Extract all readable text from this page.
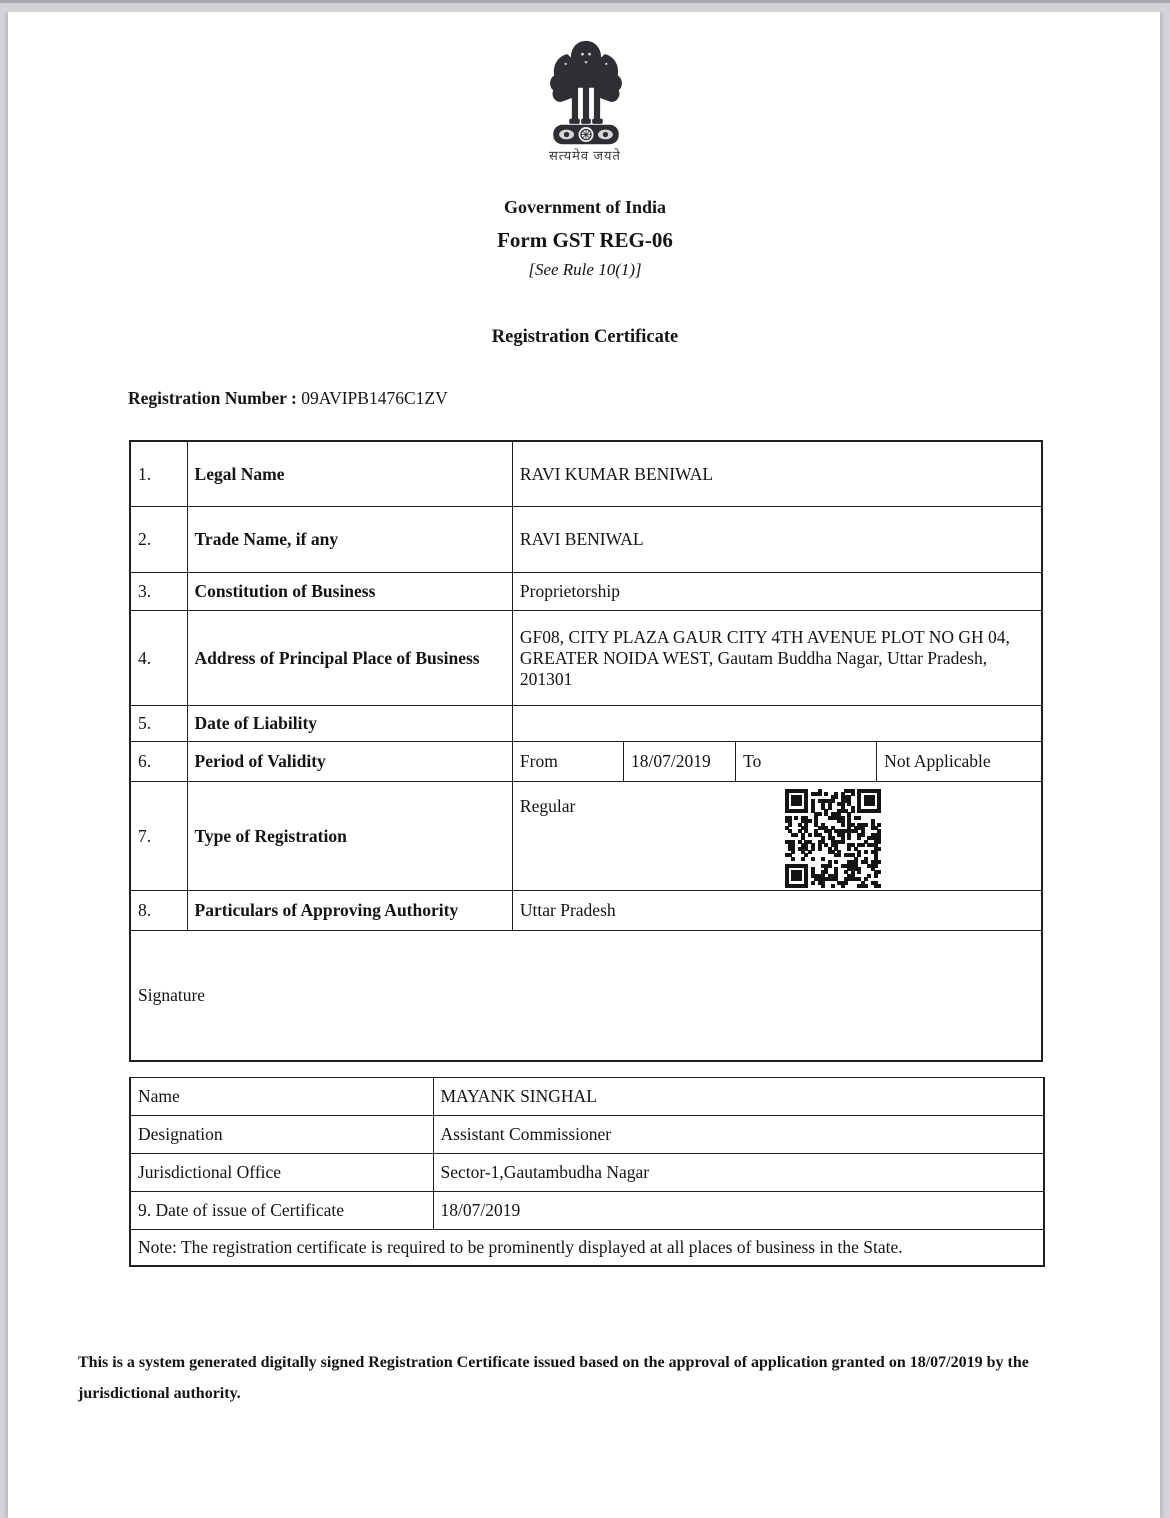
सत्यमेव जयते
Government of India
Form GST REG-06
[See Rule 10(1)]
Registration Certificate
Registration Number : 09AVIPB1476C1ZV
1.	Legal Name	RAVI KUMAR BENIWAL			
2.	Trade Name, if any	RAVI BENIWAL			
3.	Constitution of Business	Proprietorship			
4.	Address of Principal Place of Business	GF08, CITY PLAZA GAUR CITY 4TH AVENUE PLOT NO GH 04, GREATER NOIDA WEST, Gautam Buddha Nagar, Uttar Pradesh, 201301			
5.	Date of Liability				
6.	Period of Validity	From	18/07/2019	To	Not Applicable
7.	Type of Registration	Regular			

8.	Particulars of Approving Authority	Uttar Pradesh			
Signature					
Name	MAYANK SINGHAL
Designation	Assistant Commissioner
Jurisdictional Office	Sector-1,Gautambudha Nagar
9. Date of issue of Certificate	18/07/2019
Note: The registration certificate is required to be prominently displayed at all places of business in the State.	
This is a system generated digitally signed Registration Certificate issued based on the approval of application granted on 18/07/2019 by the jurisdictional authority.
